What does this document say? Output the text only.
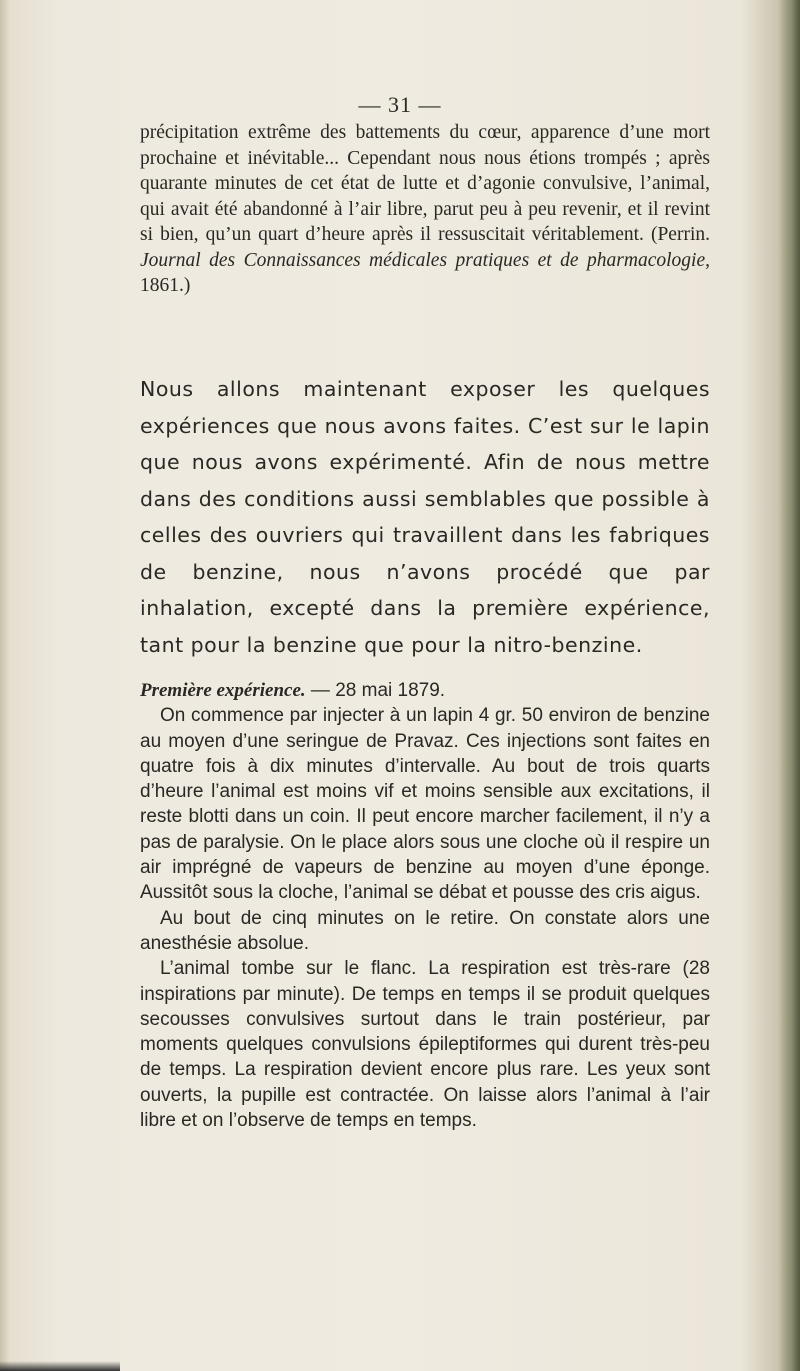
— 31 —

précipitation extrême des battements du cœur, apparence d’une mort prochaine et inévitable... Cependant nous nous étions trompés ; après quarante minutes de cet état de lutte et d’agonie convulsive, l’animal, qui avait été abandonné à l’air libre, parut peu à peu revenir, et il revint si bien, qu’un quart d’heure après il ressuscitait véritablement. (Perrin. Journal des Connaissances médicales pratiques et de pharmacologie, 1861.)

Nous allons maintenant exposer les quelques expériences que nous avons faites. C’est sur le lapin que nous avons expérimenté. Afin de nous mettre dans des conditions aussi semblables que possible à celles des ouvriers qui travaillent dans les fabriques de benzine, nous n’avons procédé que par inhalation, excepté dans la première expérience, tant pour la benzine que pour la nitro-benzine.

Première expérience. — 28 mai 1879.

On commence par injecter à un lapin 4 gr. 50 environ de benzine au moyen d’une seringue de Pravaz. Ces injections sont faites en quatre fois à dix minutes d’intervalle. Au bout de trois quarts d’heure l’animal est moins vif et moins sensible aux excitations, il reste blotti dans un coin. Il peut encore marcher facilement, il n’y a pas de paralysie. On le place alors sous une cloche où il respire un air imprégné de vapeurs de benzine au moyen d’une éponge. Aussitôt sous la cloche, l’animal se débat et pousse des cris aigus.

Au bout de cinq minutes on le retire. On constate alors une anesthésie absolue.

L’animal tombe sur le flanc. La respiration est très-rare (28 inspirations par minute). De temps en temps il se produit quelques secousses convulsives surtout dans le train postérieur, par moments quelques convulsions épileptiformes qui durent très-peu de temps. La respiration devient encore plus rare. Les yeux sont ouverts, la pupille est contractée. On laisse alors l’animal à l’air libre et on l’observe de temps en temps.
